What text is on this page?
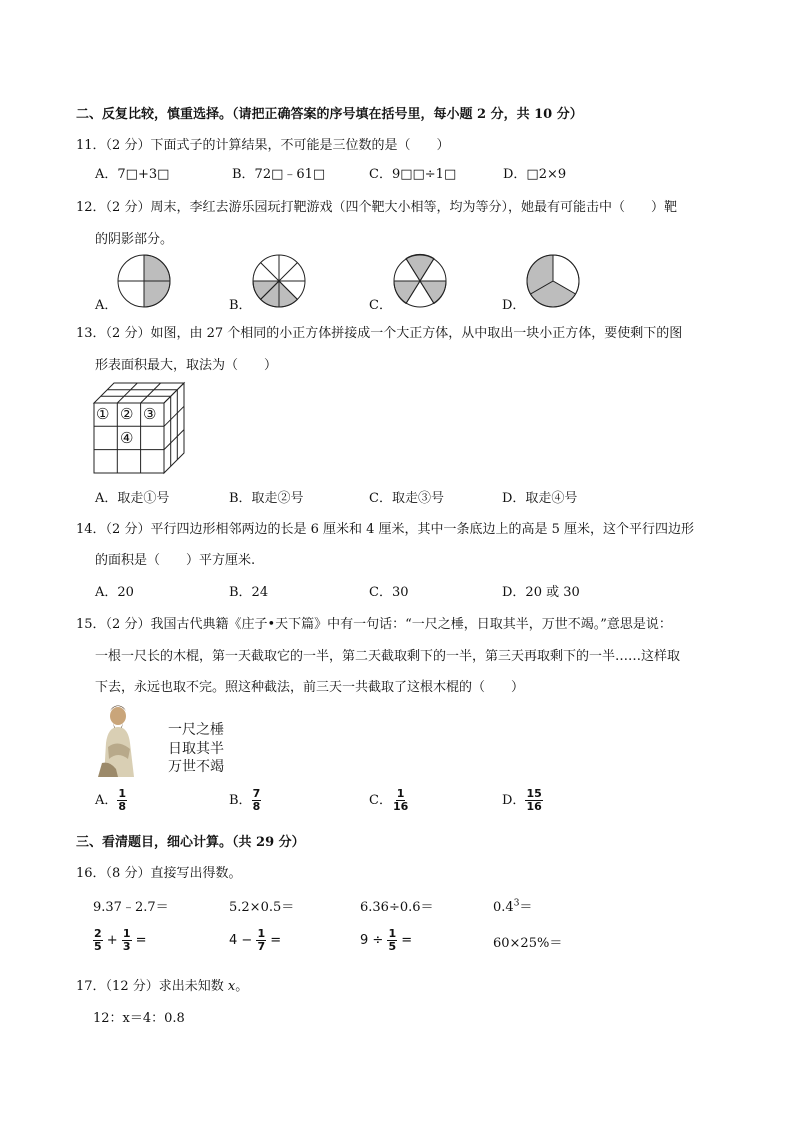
二、反复比较，慎重选择。（请把正确答案的序号填在括号里，每小题 2 分，共 10 分）
11．（2 分）下面式子的计算结果，不可能是三位数的是（　　）
A．7□+3□	B．72□﹣61□	C．9□□÷1□	D．□2×9
12．（2 分）周末，李红去游乐园玩打靶游戏（四个靶大小相等，均为等分），她最有可能击中（　　）靶
的阴影部分。
A．	B．	C．	D．
13．（2 分）如图，由 27 个相同的小正方体拼接成一个大正方体，从中取出一块小正方体，要使剩下的图
形表面积最大，取法为（　　）
① ② ③
④
A．取走①号	B．取走②号	C．取走③号	D．取走④号
14．（2 分）平行四边形相邻两边的长是 6 厘米和 4 厘米，其中一条底边上的高是 5 厘米，这个平行四边形
的面积是（　　）平方厘米.
A．20	B．24	C．30	D．20 或 30
15．（2 分）我国古代典籍《庄子•天下篇》中有一句话：“一尺之棰，日取其半，万世不竭。”意思是说：
一根一尺长的木棍，第一天截取它的一半，第二天截取剩下的一半，第三天再取剩下的一半……这样取
下去，永远也取不完。照这种截法，前三天一共截取了这根木棍的（　　）
一尺之棰
日取其半
万世不竭
A． $\frac{1}{8}$	B． $\frac{7}{8}$	C． $\frac{1}{16}$	D． $\frac{15}{16}$
三、看清题目，细心计算。（共 29 分）
16．（8 分）直接写出得数。
9.37﹣2.7＝	5.2×0.5＝	6.36÷0.6＝	$0.4^3=$
$\frac{2}{5} + \frac{1}{3}$ =	$4 - \frac{1}{7}$ =	$9 \div \frac{1}{5}$ =	60×25%＝
17．（12 分）求出未知数 x。
12：x＝4：0.8
